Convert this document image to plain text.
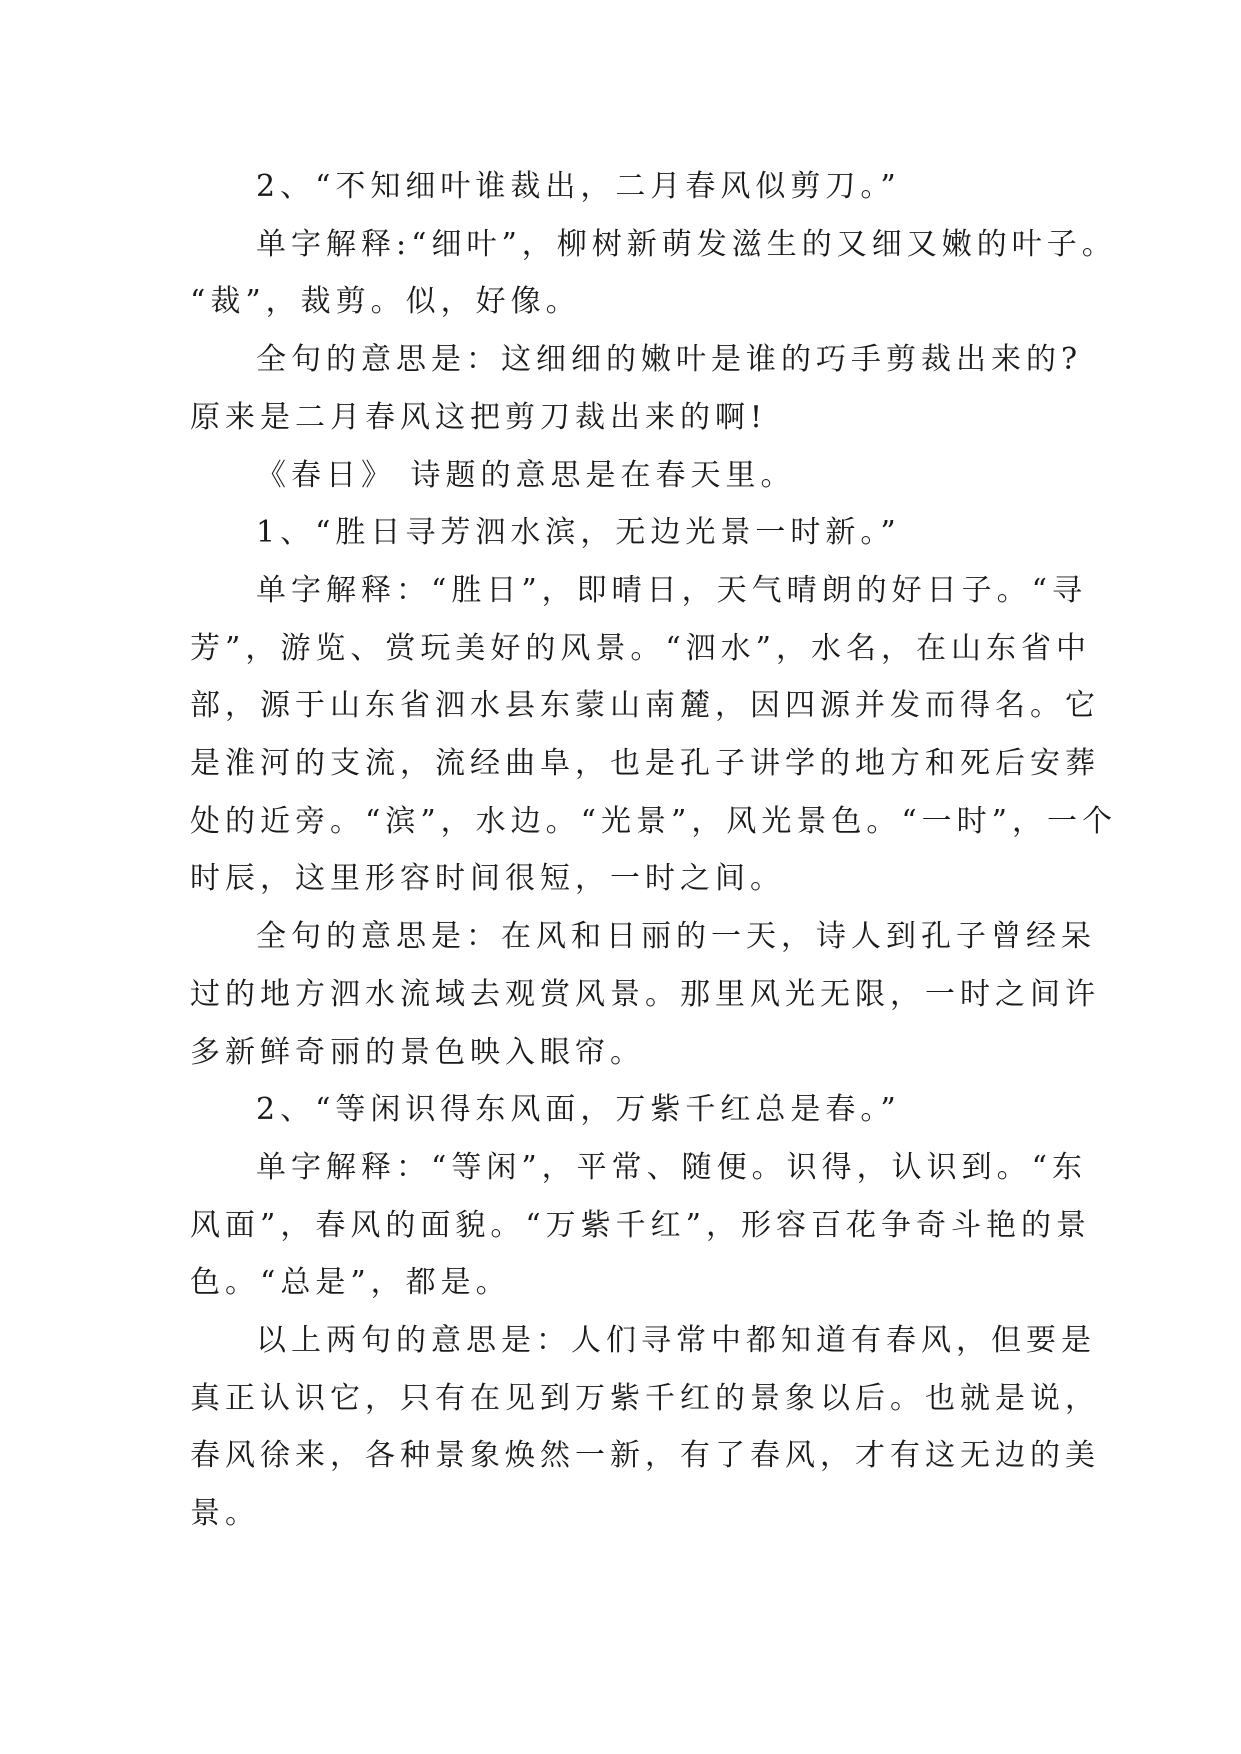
2、“不知细叶谁裁出，二月春风似剪刀。”
单字解释:“细叶”，柳树新萌发滋生的又细又嫩的叶子。
“裁”，裁剪。似，好像。
全句的意思是：这细细的嫩叶是谁的巧手剪裁出来的?
原来是二月春风这把剪刀裁出来的啊!
《春日》 诗题的意思是在春天里。
1、“胜日寻芳泗水滨，无边光景一时新。”
单字解释：“胜日”，即晴日，天气晴朗的好日子。“寻
芳”，游览、赏玩美好的风景。“泗水”，水名，在山东省中
部，源于山东省泗水县东蒙山南麓，因四源并发而得名。它
是淮河的支流，流经曲阜，也是孔子讲学的地方和死后安葬
处的近旁。“滨”，水边。“光景”，风光景色。“一时”，一个
时辰，这里形容时间很短，一时之间。
全句的意思是：在风和日丽的一天，诗人到孔子曾经呆
过的地方泗水流域去观赏风景。那里风光无限，一时之间许
多新鲜奇丽的景色映入眼帘。
2、“等闲识得东风面，万紫千红总是春。”
单字解释：“等闲”，平常、随便。识得，认识到。“东
风面”，春风的面貌。“万紫千红”，形容百花争奇斗艳的景
色。“总是”，都是。
以上两句的意思是：人们寻常中都知道有春风，但要是
真正认识它，只有在见到万紫千红的景象以后。也就是说，
春风徐来，各种景象焕然一新，有了春风，才有这无边的美
景。
